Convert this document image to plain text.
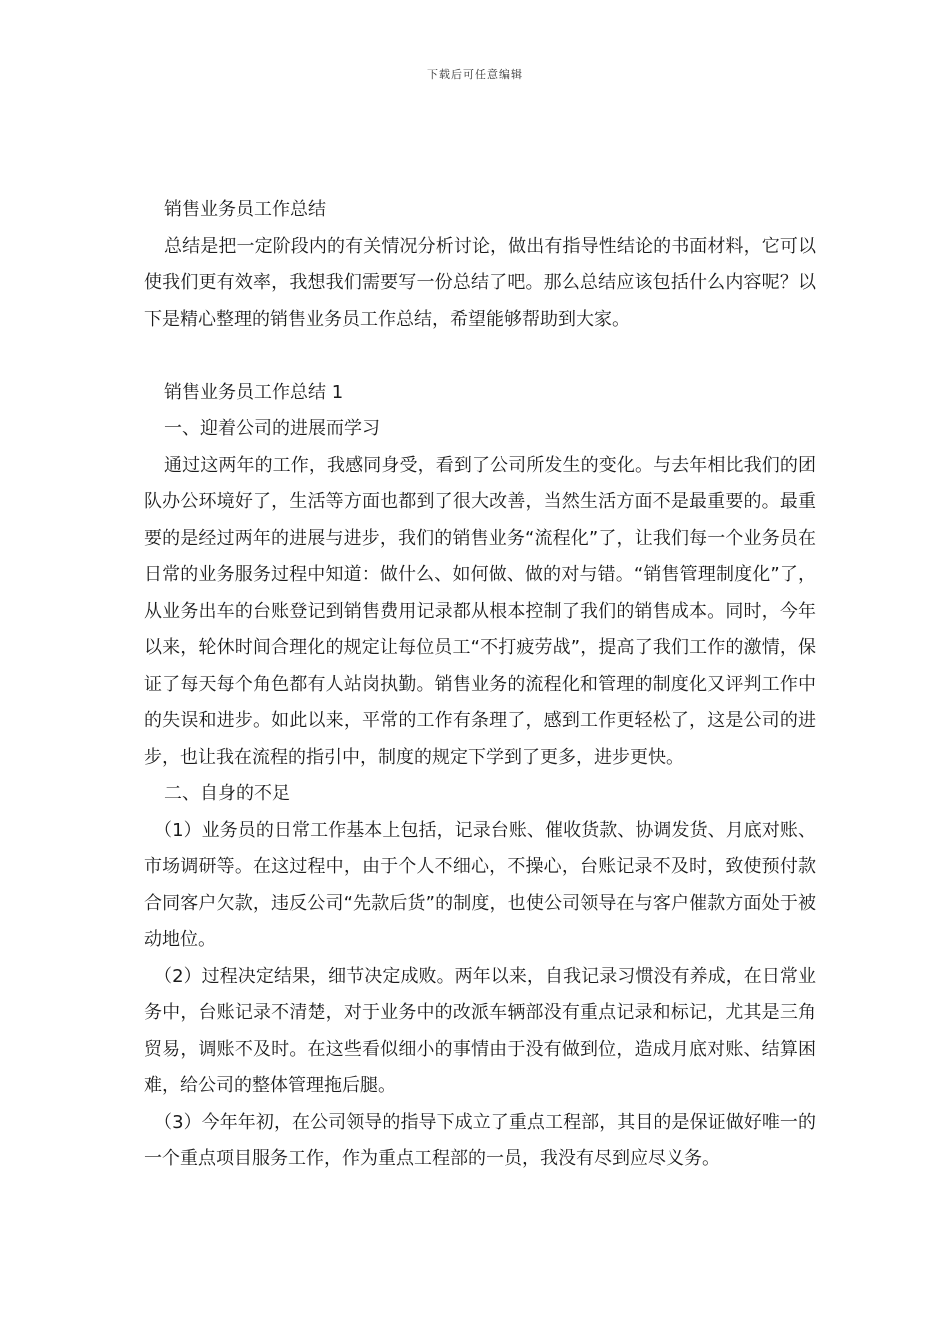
下载后可任意编辑

销售业务员工作总结

总结是把一定阶段内的有关情况分析讨论，做出有指导性结论的书面材料，它可以使我们更有效率，我想我们需要写一份总结了吧。那么总结应该包括什么内容呢？以下是精心整理的销售业务员工作总结，希望能够帮助到大家。

销售业务员工作总结 1

一、迎着公司的进展而学习

通过这两年的工作，我感同身受，看到了公司所发生的变化。与去年相比我们的团队办公环境好了，生活等方面也都到了很大改善，当然生活方面不是最重要的。最重要的是经过两年的进展与进步，我们的销售业务“流程化”了，让我们每一个业务员在日常的业务服务过程中知道：做什么、如何做、做的对与错。“销售管理制度化”了，从业务出车的台账登记到销售费用记录都从根本控制了我们的销售成本。同时，今年以来，轮休时间合理化的规定让每位员工“不打疲劳战”，提高了我们工作的激情，保证了每天每个角色都有人站岗执勤。销售业务的流程化和管理的制度化又评判工作中的失误和进步。如此以来，平常的工作有条理了，感到工作更轻松了，这是公司的进步，也让我在流程的指引中，制度的规定下学到了更多，进步更快。

二、自身的不足

（1）业务员的日常工作基本上包括，记录台账、催收货款、协调发货、月底对账、市场调研等。在这过程中，由于个人不细心，不操心，台账记录不及时，致使预付款合同客户欠款，违反公司“先款后货”的制度，也使公司领导在与客户催款方面处于被动地位。

（2）过程决定结果，细节决定成败。两年以来，自我记录习惯没有养成，在日常业务中，台账记录不清楚，对于业务中的改派车辆部没有重点记录和标记，尤其是三角贸易，调账不及时。在这些看似细小的事情由于没有做到位，造成月底对账、结算困难，给公司的整体管理拖后腿。

（3）今年年初，在公司领导的指导下成立了重点工程部，其目的是保证做好唯一的一个重点项目服务工作，作为重点工程部的一员，我没有尽到应尽义务。
